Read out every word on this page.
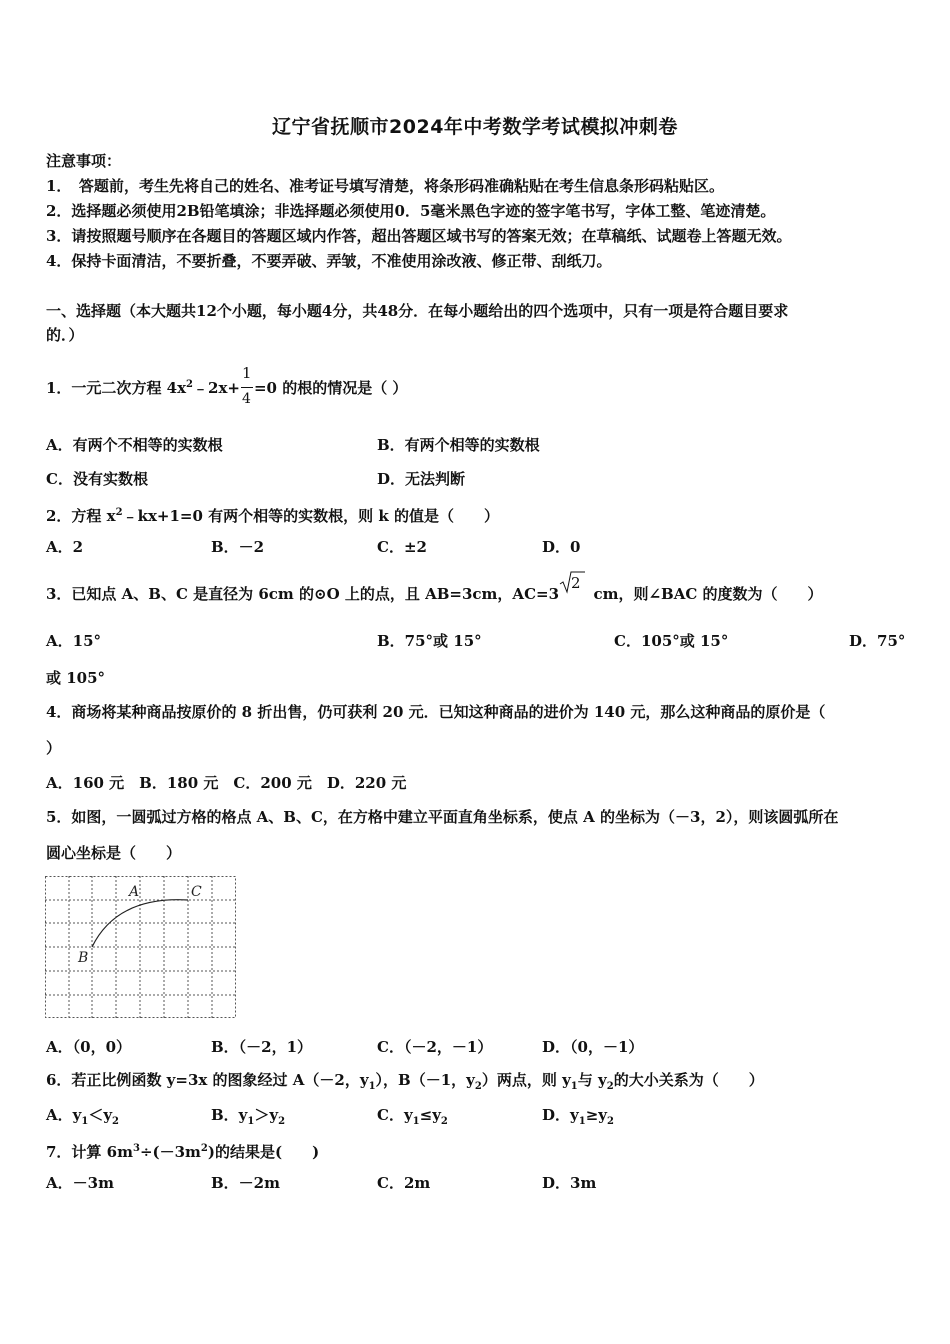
辽宁省抚顺市2024年中考数学考试模拟冲刺卷
注意事项：
1．　答题前，考生先将自己的姓名、准考证号填写清楚，将条形码准确粘贴在考生信息条形码粘贴区。
2．选择题必须使用2B铅笔填涂；非选择题必须使用0．5毫米黑色字迹的签字笔书写，字体工整、笔迹清楚。
3．请按照题号顺序在各题目的答题区域内作答，超出答题区域书写的答案无效；在草稿纸、试题卷上答题无效。
4．保持卡面清洁，不要折叠，不要弄破、弄皱，不准使用涂改液、修正带、刮纸刀。
一、选择题（本大题共12个小题，每小题4分，共48分．在每小题给出的四个选项中，只有一项是符合题目要求
的．）
1．一元二次方程 $4x^2﹣2x+ \frac{1}{4} =0$ 的根的情况是（ ）
A．有两个不相等的实数根	B．有两个相等的实数根
C．没有实数根	D．无法判断
2．方程 $x^2﹣kx+1=0$ 有两个相等的实数根，则 k 的值是（　　）
A．2	B．－2	C．±2	D．0
3．已知点 A、B、C 是直径为 6cm 的⊙O 上的点，且 AB=3cm，AC=3
2
cm，则∠BAC 的度数为（　　）
A．15°	B．75°或 15°	C．105°或 15°	D．75°
或 105°
4．商场将某种商品按原价的 8 折出售，仍可获利 20 元．已知这种商品的进价为 140 元，那么这种商品的原价是（
）
A．160 元　B．180 元　C．200 元　D．220 元
5．如图，一圆弧过方格的格点 A、B、C，在方格中建立平面直角坐标系，使点 A 的坐标为（－3，2），则该圆弧所在
圆心坐标是（　　）
A	C
B
A．（0，0）	B．（－2，1）	C．（－2，－1）	D．（0，－1）
6．若正比例函数 y=3x 的图象经过 A（－2，$y_1$），B（－1，$y_2$）两点，则 $y_1$与 $y_2$的大小关系为（　　）
A．$y_1<y_2$	B．$y_1>y_2$	C．$y_1\le y_2$	D．$y_1\ge y_2$
7．计算 $6m^3\div(-3m^2)$的结果是(　　)
A．－3m	B．－2m	C．2m	D．3m
